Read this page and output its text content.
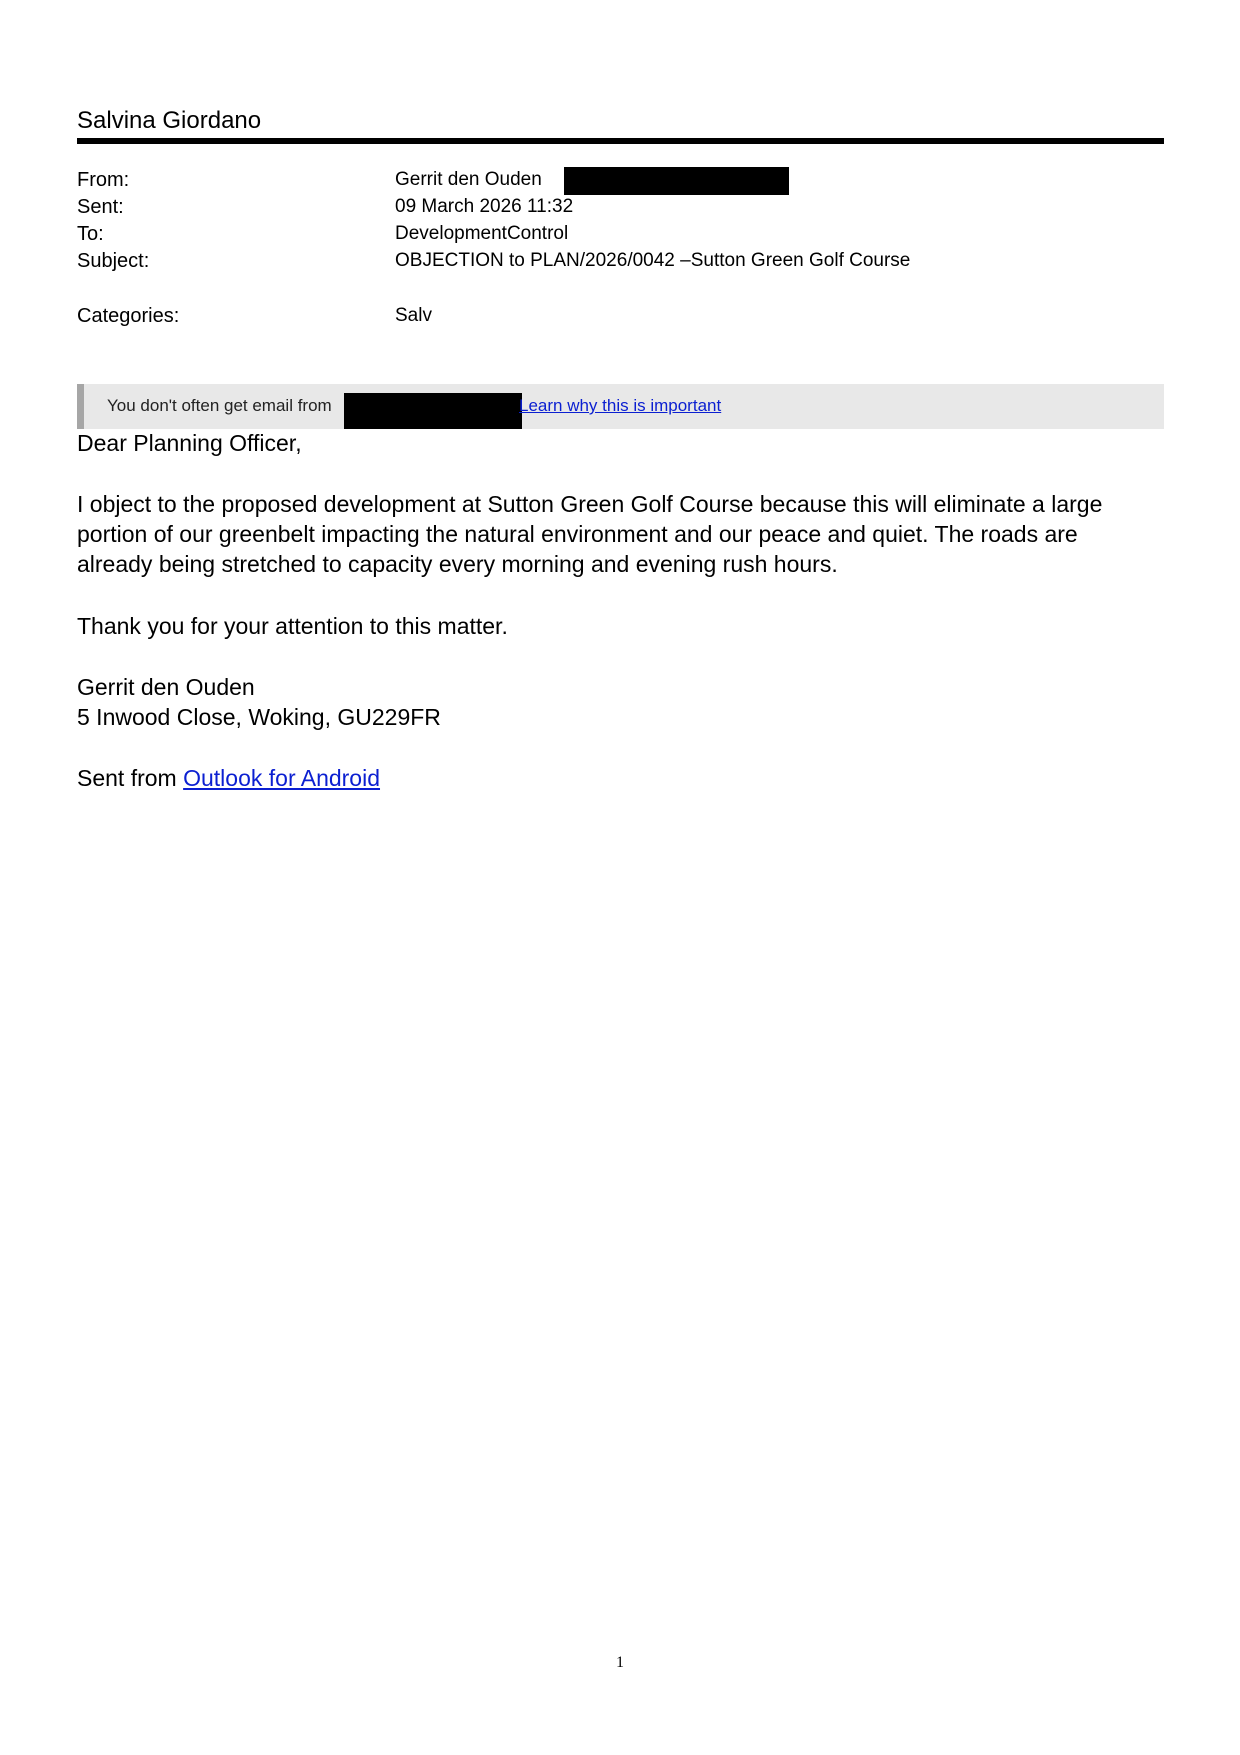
Salvina Giordano
From:	Gerrit den Ouden
Sent:	09 March 2026 11:32
To:	DevelopmentControl
Subject:	OBJECTION to PLAN/2026/0042 –Sutton Green Golf Course
Categories:	Salv
You don't often get email from	Learn why this is important
Dear Planning Officer,
I object to the proposed development at Sutton Green Golf Course because this will eliminate a large
portion of our greenbelt impacting the natural environment and our peace and quiet. The roads are
already being stretched to capacity every morning and evening rush hours.
Thank you for your attention to this matter.
Gerrit den Ouden
5 Inwood Close, Woking, GU229FR
Sent from Outlook for Android
1
